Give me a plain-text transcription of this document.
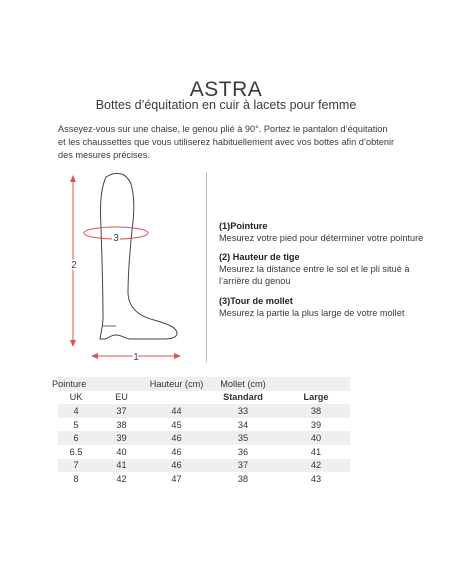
ASTRA
Bottes d’équitation en cuir à lacets pour femme
Asseyez-vous sur une chaise, le genou plié à 90°. Portez le pantalon d’équitation
et les chaussettes que vous utiliserez habituellement avec vos bottes afin d’obtenir
des mesures précises.
2
1
3
(1)Pointure
Mesurez votre pied pour déterminer votre pointure
(2) Hauteur de tige
Mesurez la distance entre le sol et le pli situé à
l’arrière du genou
(3)Tour de mollet
Mesurez la partie la plus large de votre mollet
	Pointure	Hauteur (cm)	Mollet (cm)	
UK	EU		Standard	Large
4	37	44	33	38
5	38	45	34	39
6	39	46	35	40
6.5	40	46	36	41
7	41	46	37	42
8	42	47	38	43
